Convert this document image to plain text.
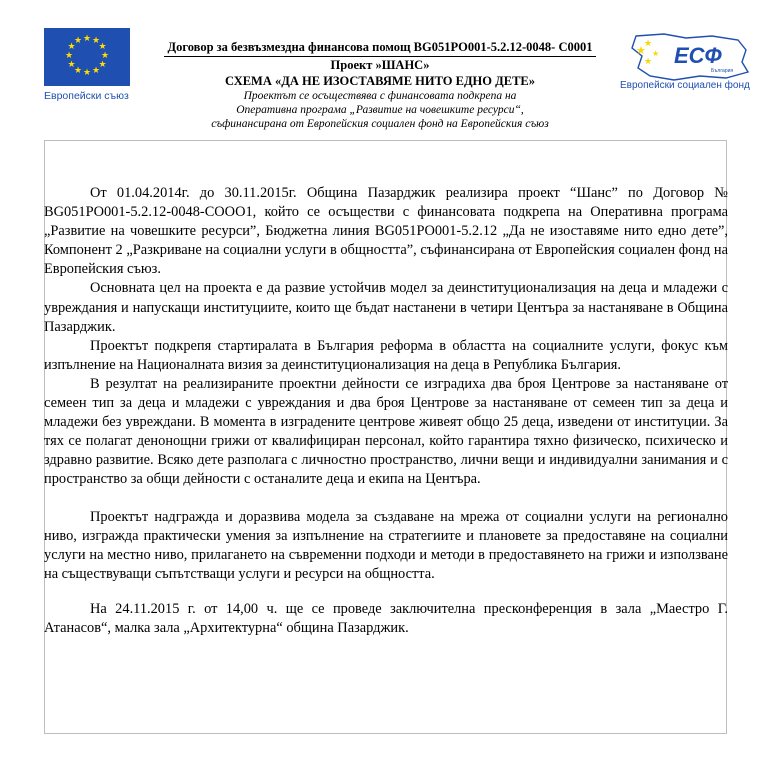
★ ★
★
★
★
★
★
★
★
★
★
★
Европейски съюз
Договор за безвъзмездна финансова помощ BG051PO001-5.2.12-0048- С0001
Проект »ШАНС»
СХЕМА «ДА НЕ ИЗОСТАВЯМЕ НИТО ЕДНО ДЕТЕ»
Проектът се осъществява с финансовата подкрепа на
Оперативна програма „Развитие на човешките ресурси“,
съфинансирана от Европейския социален фонд на Европейския съюз
★
★
★
★ ЕСФ
България
Европейски социален фонд

От 01.04.2014г. до 30.11.2015г. Община Пазарджик реализира проект “Шанс” по Договор № BG051PO001-5.2.12-0048-СООО1, който се осъществи с финансовата подкрепа на Оперативна програма „Развитие на човешките ресурси”, Бюджетна линия BG051PO001-5.2.12 „Да не изоставяме нито едно дете”, Компонент 2 „Разкриване на социални услуги в общността”, съфинансирана от Европейския социален фонд на Европейския съюз.

Основната цел на проекта е да развие устойчив модел за деинституционализация на деца и младежи с увреждания и напускащи институциите, които ще бъдат настанени в четири Центъра за настаняване в Община Пазарджик.

Проектът подкрепя стартиралата в България реформа в областта на социалните услуги, фокус към изпълнение на Националната визия за деинституционализация на деца в Република България.

В резултат на реализираните проектни дейности се изградиха два броя Центрове за настаняване от семеен тип за деца и младежи с увреждания и два броя Центрове за настаняване от семеен тип за деца и младежи без увреждани. В момента в изградените центрове живеят общо 25 деца, изведени от институции. За тях се полагат денонощни грижи от квалифициран персонал, който гарантира тяхно физическо, психическо и здравно развитие. Всяко дете разполага с личностно пространство, лични вещи и индивидуални занимания и с пространство за общи дейности с останалите деца и екипа на Центъра.

Проектът надгражда и доразвива модела за създаване на мрежа от социални услуги на регионално ниво, изгражда практически умения за изпълнение на стратегиите и плановете за предоставяне на социални услуги на местно ниво, прилагането на съвременни подходи и методи в предоставянето на грижи и използване на съществуващи съпътстващи услуги и ресурси на общността.

На 24.11.2015 г. от 14,00 ч. ще се проведе заключителна пресконференция в зала „Маестро Г. Атанасов“, малка зала „Архитектурна“ община Пазарджик.
